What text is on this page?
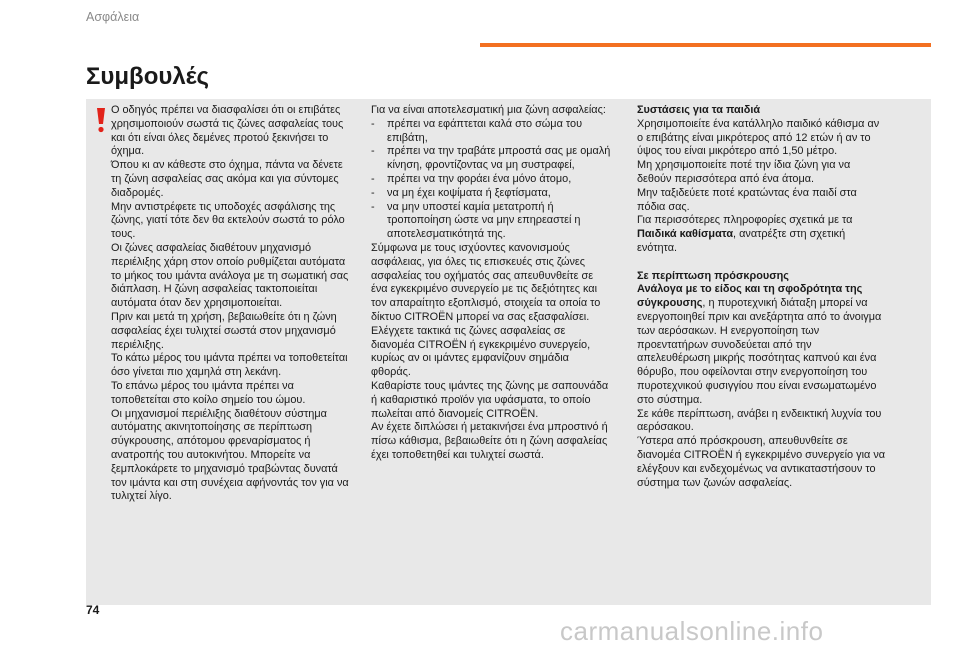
Ασφάλεια
Συμβουλές

Ο οδηγός πρέπει να διασφαλίσει ότι οι επιβάτες χρησιμοποιούν σωστά τις ζώνες ασφαλείας τους και ότι είναι όλες δεμένες προτού ξεκινήσει το όχημα.

Όπου κι αν κάθεστε στο όχημα, πάντα να δένετε τη ζώνη ασφαλείας σας ακόμα και για σύντομες διαδρομές.

Μην αντιστρέφετε τις υποδοχές ασφάλισης της ζώνης, γιατί τότε δεν θα εκτελούν σωστά το ρόλο τους.

Οι ζώνες ασφαλείας διαθέτουν μηχανισμό περιέλιξης χάρη στον οποίο ρυθμίζεται αυτόματα το μήκος του ιμάντα ανάλογα με τη σωματική σας διάπλαση. Η ζώνη ασφαλείας τακτοποιείται αυτόματα όταν δεν χρησιμοποιείται.

Πριν και μετά τη χρήση, βεβαιωθείτε ότι η ζώνη ασφαλείας έχει τυλιχτεί σωστά στον μηχανισμό περιέλιξης.

Το κάτω μέρος του ιμάντα πρέπει να τοποθετείται όσο γίνεται πιο χαμηλά στη λεκάνη.

Το επάνω μέρος του ιμάντα πρέπει να τοποθετείται στο κοίλο σημείο του ώμου.

Οι μηχανισμοί περιέλιξης διαθέτουν σύστημα αυτόματης ακινητοποίησης σε περίπτωση σύγκρουσης, απότομου φρεναρίσματος ή ανατροπής του αυτοκινήτου. Μπορείτε να ξεμπλοκάρετε το μηχανισμό τραβώντας δυνατά τον ιμάντα και στη συνέχεια αφήνοντάς τον για να τυλιχτεί λίγο.

Για να είναι αποτελεσματική μια ζώνη ασφαλείας:

- πρέπει να εφάπτεται καλά στο σώμα του επιβάτη,
- πρέπει να την τραβάτε μπροστά σας με ομαλή κίνηση, φροντίζοντας να μη συστραφεί,
- πρέπει να την φοράει ένα μόνο άτομο,
- να μη έχει κοψίματα ή ξεφτίσματα,
- να μην υποστεί καμία μετατροπή ή τροποποίηση ώστε να μην επηρεαστεί η αποτελεσματικότητά της.

Σύμφωνα με τους ισχύοντες κανονισμούς ασφάλειας, για όλες τις επισκευές στις ζώνες ασφαλείας του οχήματός σας απευθυνθείτε σε ένα εγκεκριμένο συνεργείο με τις δεξιότητες και τον απαραίτητο εξοπλισμό, στοιχεία τα οποία το δίκτυο CITROËN μπορεί να σας εξασφαλίσει.

Ελέγχετε τακτικά τις ζώνες ασφαλείας σε διανομέα CITROËN ή εγκεκριμένο συνεργείο, κυρίως αν οι ιμάντες εμφανίζουν σημάδια φθοράς.

Καθαρίστε τους ιμάντες της ζώνης με σαπουνάδα ή καθαριστικό προϊόν για υφάσματα, το οποίο πωλείται από διανομείς CITROËN.

Αν έχετε διπλώσει ή μετακινήσει ένα μπροστινό ή πίσω κάθισμα, βεβαιωθείτε ότι η ζώνη ασφαλείας έχει τοποθετηθεί και τυλιχτεί σωστά.

Συστάσεις για τα παιδιά

Χρησιμοποιείτε ένα κατάλληλο παιδικό κάθισμα αν ο επιβάτης είναι μικρότερος από 12 ετών ή αν το ύψος του είναι μικρότερο από 1,50 μέτρο.

Μη χρησιμοποιείτε ποτέ την ίδια ζώνη για να δεθούν περισσότερα από ένα άτομα.

Μην ταξιδεύετε ποτέ κρατώντας ένα παιδί στα πόδια σας.

Για περισσότερες πληροφορίες σχετικά με τα Παιδικά καθίσματα, ανατρέξτε στη σχετική ενότητα.

Σε περίπτωση πρόσκρουσης

Ανάλογα με το είδος και τη σφοδρότητα της σύγκρουσης, η πυροτεχνική διάταξη μπορεί να ενεργοποιηθεί πριν και ανεξάρτητα από το άνοιγμα των αερόσακων. Η ενεργοποίηση των προεντατήρων συνοδεύεται από την απελευθέρωση μικρής ποσότητας καπνού και ένα θόρυβο, που οφείλονται στην ενεργοποίηση του πυροτεχνικού φυσιγγίου που είναι ενσωματωμένο στο σύστημα.

Σε κάθε περίπτωση, ανάβει η ενδεικτική λυχνία του αερόσακου.

Ύστερα από πρόσκρουση, απευθυνθείτε σε διανομέα CITROËN ή εγκεκριμένο συνεργείο για να ελέγξουν και ενδεχομένως να αντικαταστήσουν το σύστημα των ζωνών ασφαλείας.

74
carmanualsonline.info
